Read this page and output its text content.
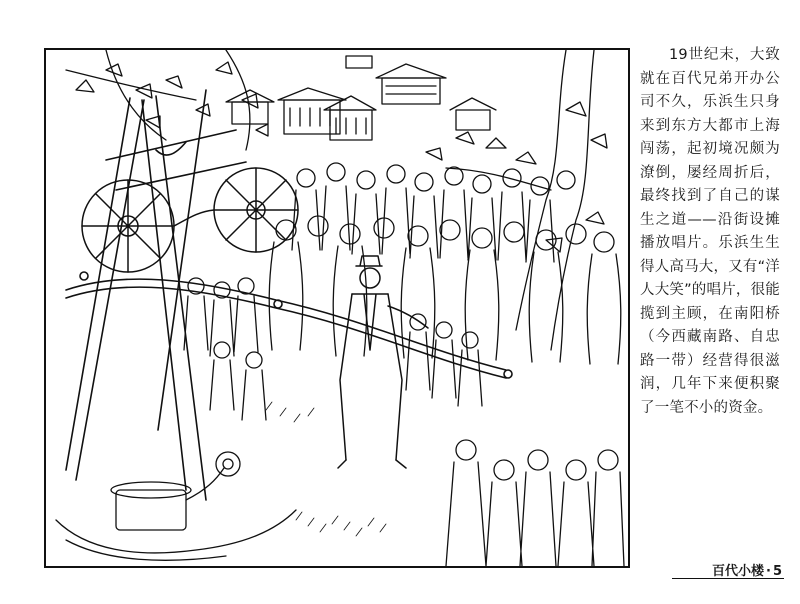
19世纪末，大致就在百代兄弟开办公司不久，乐浜生只身来到东方大都市上海闯荡，起初境况颇为潦倒，屡经周折后，最终找到了自己的谋生之道——沿街设摊播放唱片。乐浜生生得人高马大，又有“洋人大笑”的唱片，很能揽到主顾，在南阳桥（今西藏南路、自忠路一带）经营得很滋润，几年下来便积聚了一笔不小的资金。

百代小楼 · 5
